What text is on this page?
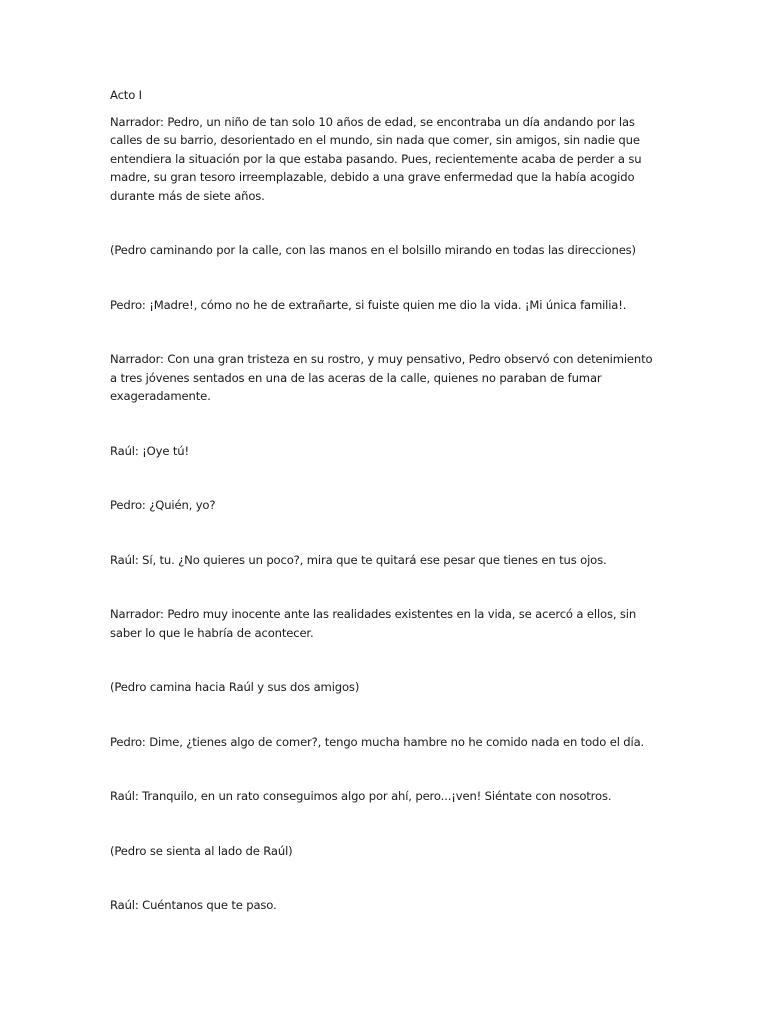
Acto I

Narrador: Pedro, un niño de tan solo 10 años de edad, se encontraba un día andando por las calles de su barrio, desorientado en el mundo, sin nada que comer, sin amigos, sin nadie que entendiera la situación por la que estaba pasando. Pues, recientemente acaba de perder a su madre, su gran tesoro irreemplazable, debido a una grave enfermedad que la había acogido durante más de siete años.

(Pedro caminando por la calle, con las manos en el bolsillo mirando en todas las direcciones)

Pedro: ¡Madre!, cómo no he de extrañarte, si fuiste quien me dio la vida. ¡Mi única familia!.

Narrador: Con una gran tristeza en su rostro, y muy pensativo, Pedro observó con detenimiento a tres jóvenes sentados en una de las aceras de la calle, quienes no paraban de fumar exageradamente.

Raúl: ¡Oye tú!

Pedro: ¿Quién, yo?

Raúl: Sí, tu. ¿No quieres un poco?, mira que te quitará ese pesar que tienes en tus ojos.

Narrador: Pedro muy inocente ante las realidades existentes en la vida, se acercó a ellos, sin saber lo que le habría de acontecer.

(Pedro camina hacia Raúl y sus dos amigos)

Pedro: Dime, ¿tienes algo de comer?, tengo mucha hambre no he comido nada en todo el día.

Raúl: Tranquilo, en un rato conseguimos algo por ahí, pero...¡ven! Siéntate con nosotros.

(Pedro se sienta al lado de Raúl)

Raúl: Cuéntanos que te paso.
